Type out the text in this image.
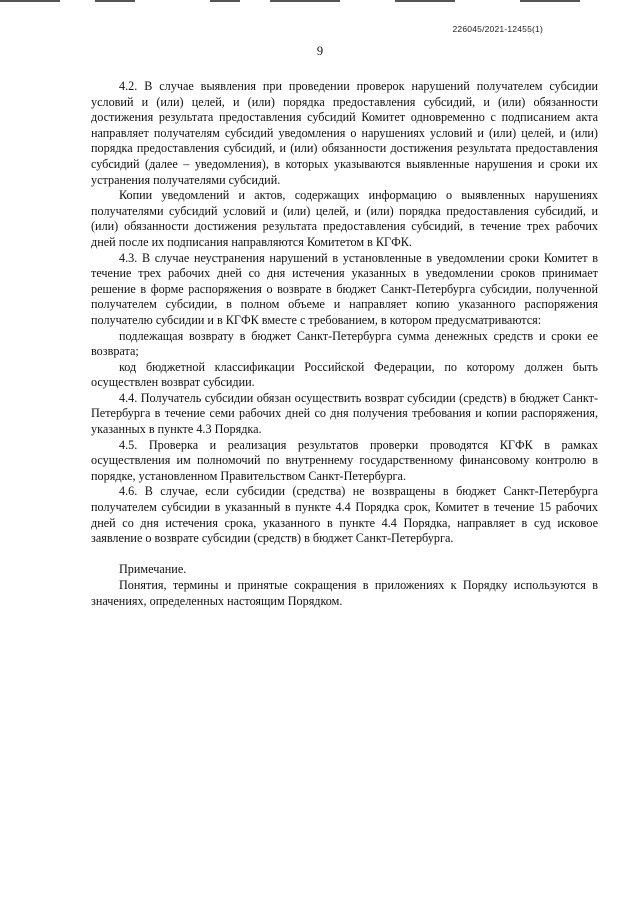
226045/2021-12455(1)
9

4.2. В случае выявления при проведении проверок нарушений получателем субсидии условий и (или) целей, и (или) порядка предоставления субсидий, и (или) обязанности достижения результата предоставления субсидий Комитет одновременно с подписанием акта направляет получателям субсидий уведомления о нарушениях условий и (или) целей, и (или) порядка предоставления субсидий, и (или) обязанности достижения результата предоставления субсидий (далее – уведомления), в которых указываются выявленные нарушения и сроки их устранения получателями субсидий.

Копии уведомлений и актов, содержащих информацию о выявленных нарушениях получателями субсидий условий и (или) целей, и (или) порядка предоставления субсидий, и (или) обязанности достижения результата предоставления субсидий, в течение трех рабочих дней после их подписания направляются Комитетом в КГФК.

4.3. В случае неустранения нарушений в установленные в уведомлении сроки Комитет в течение трех рабочих дней со дня истечения указанных в уведомлении сроков принимает решение в форме распоряжения о возврате в бюджет Санкт-Петербурга субсидии, полученной получателем субсидии, в полном объеме и направляет копию указанного распоряжения получателю субсидии и в КГФК вместе с требованием, в котором предусматриваются:

подлежащая возврату в бюджет Санкт-Петербурга сумма денежных средств и сроки ее возврата;

код бюджетной классификации Российской Федерации, по которому должен быть осуществлен возврат субсидии.

4.4. Получатель субсидии обязан осуществить возврат субсидии (средств) в бюджет Санкт-Петербурга в течение семи рабочих дней со дня получения требования и копии распоряжения, указанных в пункте 4.3 Порядка.

4.5. Проверка и реализация результатов проверки проводятся КГФК в рамках осуществления им полномочий по внутреннему государственному финансовому контролю в порядке, установленном Правительством Санкт-Петербурга.

4.6. В случае, если субсидии (средства) не возвращены в бюджет Санкт-Петербурга получателем субсидии в указанный в пункте 4.4 Порядка срок, Комитет в течение 15 рабочих дней со дня истечения срока, указанного в пункте 4.4 Порядка, направляет в суд исковое заявление о возврате субсидии (средств) в бюджет Санкт-Петербурга.

Примечание.

Понятия, термины и принятые сокращения в приложениях к Порядку используются в значениях, определенных настоящим Порядком.
